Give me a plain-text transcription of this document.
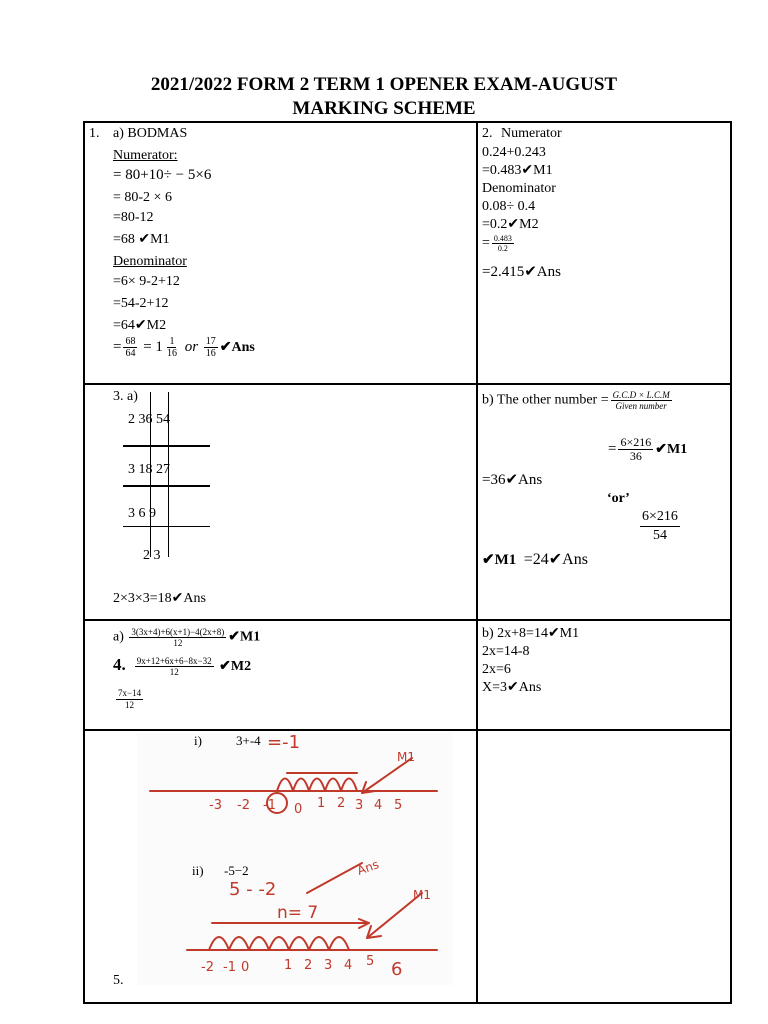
2021/2022 FORM 2 TERM 1 OPENER EXAM-AUGUST
MARKING SCHEME
1. a) BODMAS
Numerator:
= 80+10÷ − 5×6
= 80-2 × 6
=80-12
=68 ✔M1
Denominator
=6× 9-2+12
=54-2+12
=64✔M2
= $\frac{68}{64} = 1 \frac{1}{16}$ or $\frac{17}{16}$ ✔Ans
2. Numerator
0.24+0.243
=0.483✔M1
Denominator
0.08÷ 0.4
=0.2✔M2
= $\frac{0.483}{0.2}$
=2.415✔Ans
3. a)
2 36 54
3 18 27
3 6 9
2 3
2×3×3=18✔Ans
b) The other number = $\frac{G.C.D \times L.C.M}{\text{Given number}}$
= $\frac{6\times 216}{36}$ ✔M1
=36✔Ans
‘or’
$\frac{6\times 216}{54}$
✔M1 =24✔Ans
$a) \frac{3(3x+4)+6(x+1)-4(2x+8)}{12}$ ✔M1
4. $\frac{9x+12+6x+6-8x-32}{12}$ ✔M2
$\frac{7x-14}{12}$
b) 2x+8=14✔M1
2x=14-8
2x=6
X=3✔Ans
i)	3+-4 =-1
M1
-3 -2 -1 0 1 2 3 4 5
ii) -5−2
5 - -2
n= 7
Ans
M1
-2 -1 0	1 2 3 4 5 6
5.
